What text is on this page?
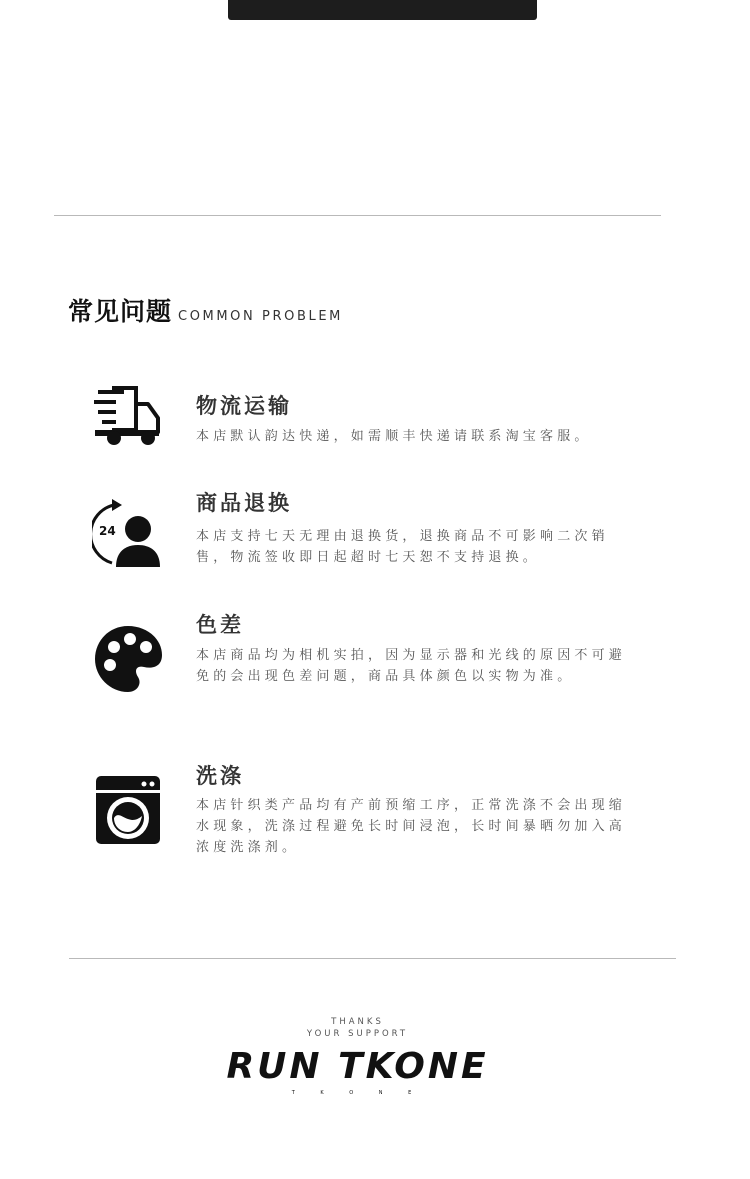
常见问题 COMMON PROBLEM
物流运输
本店默认韵达快递，如需顺丰快递请联系淘宝客服。
24
商品退换
本店支持七天无理由退换货，退换商品不可影响二次销售，物流签收即日起超时七天恕不支持退换。
色差
本店商品均为相机实拍，因为显示器和光线的原因不可避免的会出现色差问题，商品具体颜色以实物为准。
洗涤
本店针织类产品均有产前预缩工序，正常洗涤不会出现缩水现象，洗涤过程避免长时间浸泡，长时间暴晒勿加入高浓度洗涤剂。
THANKS
YOUR SUPPORT
RUN TKONE
T K O N E
